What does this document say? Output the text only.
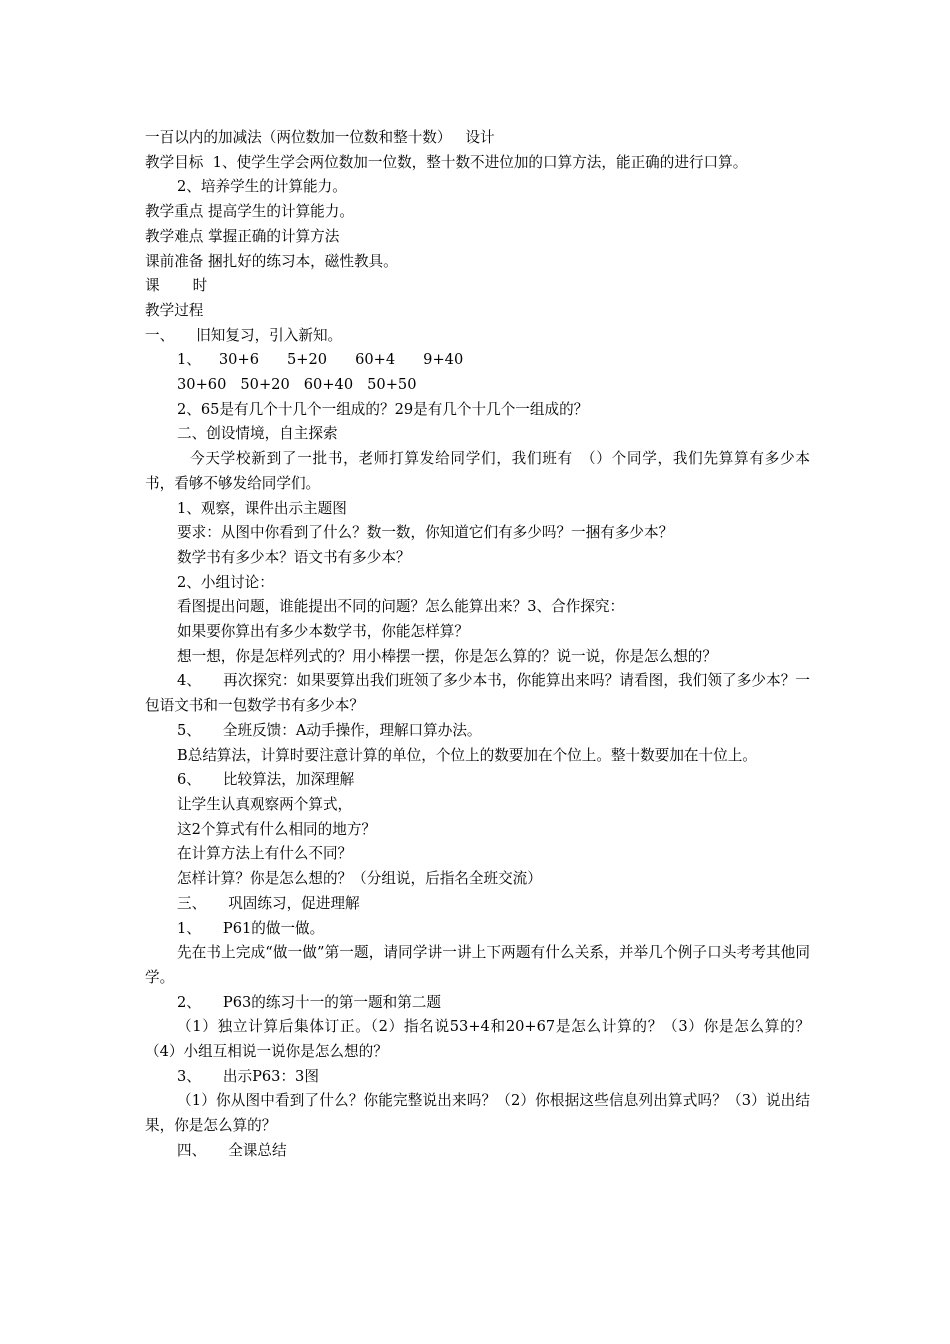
一百以内的加减法（两位数加一位数和整十数） 设计
教学目标 1、使学生学会两位数加一位数，整十数不进位加的口算方法，能正确的进行口算。
2、培养学生的计算能力。
教学重点 提高学生的计算能力。
教学难点 掌握正确的计算方法
课前准备 捆扎好的练习本，磁性教具。
课 时
教学过程
一、 旧知复习，引入新知。
1、 30+6 5+20 60+4 9+40
30+60 50+20 60+40 50+50
2、65是有几个十几个一组成的？29是有几个十几个一组成的？
二、创设情境，自主探索
今天学校新到了一批书，老师打算发给同学们，我们班有　（）个同学，我们先算算有多少本书，看够不够发给同学们。
1、观察，课件出示主题图
要求：从图中你看到了什么？数一数，你知道它们有多少吗？一捆有多少本？
数学书有多少本？语文书有多少本？
2、小组讨论：
看图提出问题，谁能提出不同的问题？怎么能算出来？3、合作探究：
如果要你算出有多少本数学书，你能怎样算？
想一想，你是怎样列式的？用小棒摆一摆，你是怎么算的？说一说，你是怎么想的？
4、 再次探究：如果要算出我们班领了多少本书，你能算出来吗？请看图，我们领了多少本？一包语文书和一包数学书有多少本？
5、 全班反馈：A动手操作，理解口算办法。
B总结算法，计算时要注意计算的单位，个位上的数要加在个位上。整十数要加在十位上。
6、 比较算法，加深理解
让学生认真观察两个算式，
这2个算式有什么相同的地方？
在计算方法上有什么不同？
怎样计算？你是怎么想的？（分组说，后指名全班交流）
三、 巩固练习，促进理解
1、 P61的做一做。
先在书上完成“做一做”第一题，请同学讲一讲上下两题有什么关系，并举几个例子口头考考其他同学。
2、 P63的练习十一的第一题和第二题
（1）独立计算后集体订正。（2）指名说53+4和20+67是怎么计算的？（3）你是怎么算的？（4）小组互相说一说你是怎么想的？
3、 出示P63：3图
（1）你从图中看到了什么？你能完整说出来吗？（2）你根据这些信息列出算式吗？（3）说出结果，你是怎么算的？
四、 全课总结
